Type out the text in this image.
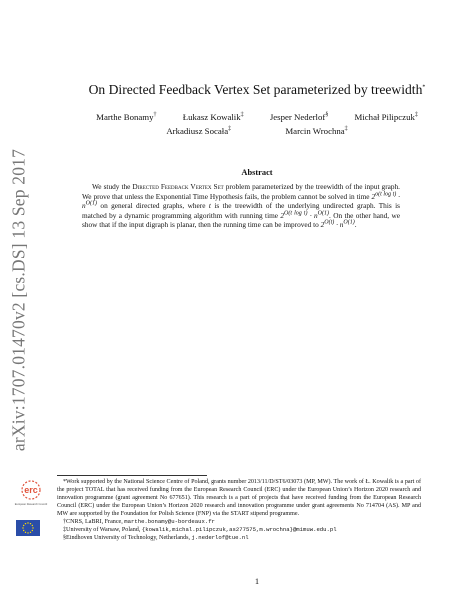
arXiv:1707.01470v2 [cs.DS] 13 Sep 2017
On Directed Feedback Vertex Set parameterized by treewidth*
Marthe Bonamy†	Łukasz Kowalik‡	Jesper Nederlof§	Michał Pilipczuk‡
Arkadiusz Socała‡	Marcin Wrochna‡
Abstract
We study the Directed Feedback Vertex Set problem parameterized by the treewidth of the input graph. We prove that unless the Exponential Time Hypothesis fails, the problem cannot be solved in time $2^{o(t log t)} \cdot n^{O(1)}$ on general directed graphs, where t is the treewidth of the underlying undirected graph. This is matched by a dynamic programming algorithm with running time $2^{O(t log t)} \cdot n^{O(1)}$. On the other hand, we show that if the input digraph is planar, then the running time can be improved to $2^{O(t)} \cdot n^{O(1)}$.
erc
European Research Council

*Work supported by the National Science Centre of Poland, grants number 2013/11/D/ST6/03073 (MP, MW). The work of Ł. Kowalik is a part of the project TOTAL that has received funding from the European Research Council (ERC) under the European Union’s Horizon 2020 research and innovation programme (grant agreement No 677651). This research is a part of projects that have received funding from the European Research Council (ERC) under the European Union’s Horizon 2020 research and innovation programme under grant agreements No 714704 (AS). MP and MW are supported by the Foundation for Polish Science (FNP) via the START stipend programme.

†CNRS, LaBRI, France, marthe.bonamy@u-bordeaux.fr

‡University of Warsaw, Poland, {kowalik,michal.pilipczuk,as277575,m.wrochna}@mimuw.edu.pl

§Eindhoven University of Technology, Netherlands, j.nederlof@tue.nl

1
